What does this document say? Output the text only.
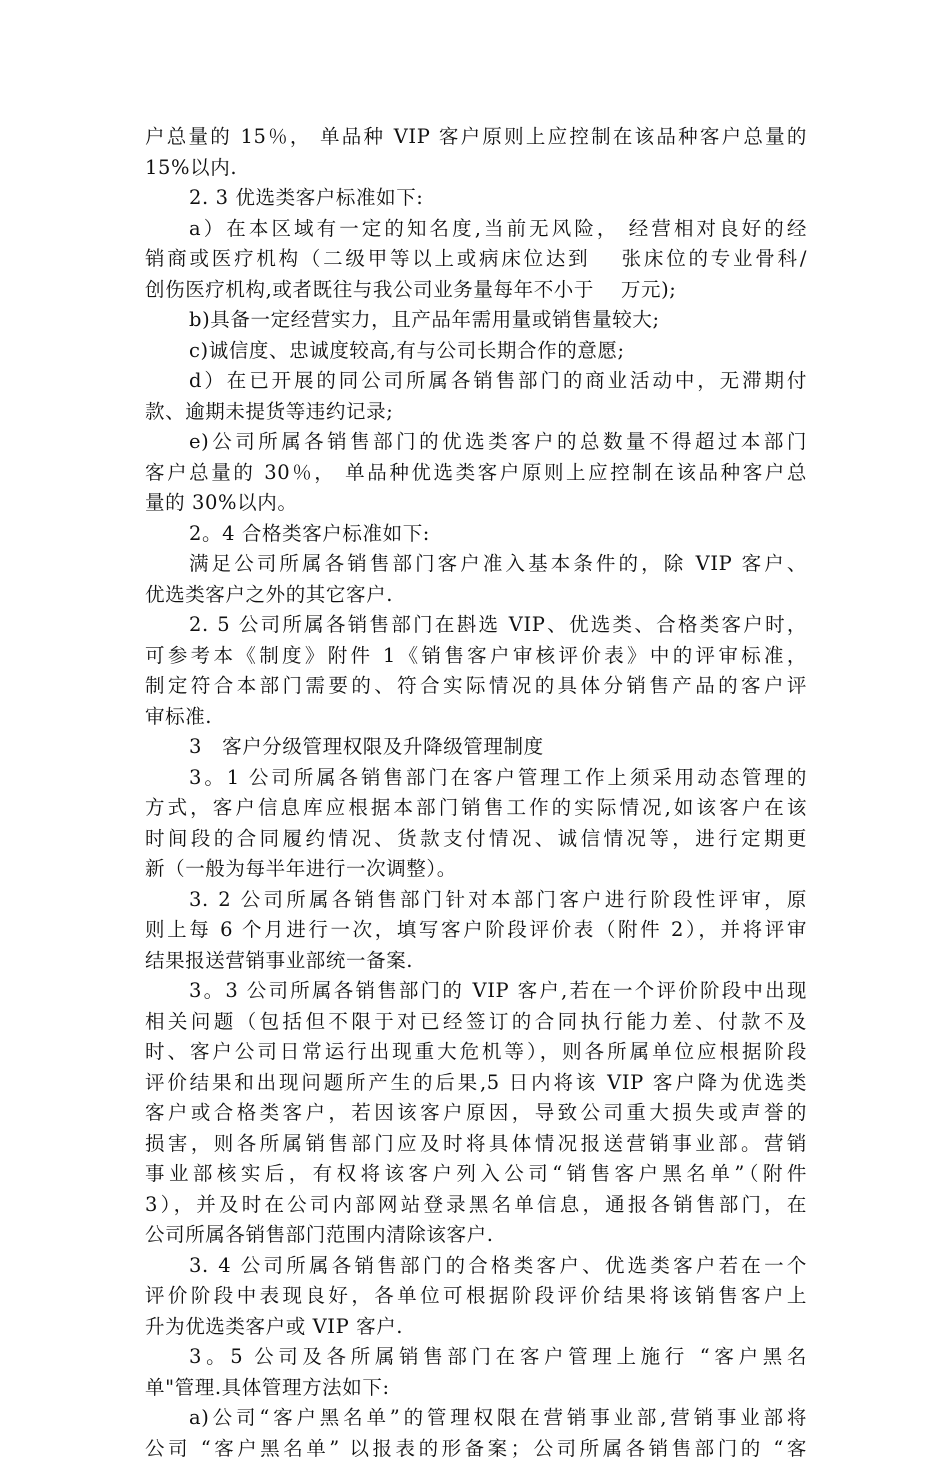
户总量的 15％， 单品种 VIP 客户原则上应控制在该品种客户总量的
15%以内.
2. 3 优选类客户标准如下:
a）在本区域有一定的知名度,当前无风险， 经营相对良好的经
销商或医疗机构（二级甲等以上或病床位达到　 张床位的专业骨科/
创伤医疗机构,或者既往与我公司业务量每年不小于　 万元);
b)具备一定经营实力，且产品年需用量或销售量较大;
c)诚信度、忠诚度较高,有与公司长期合作的意愿;
d）在已开展的同公司所属各销售部门的商业活动中，无滞期付
款、逾期未提货等违约记录;
e)公司所属各销售部门的优选类客户的总数量不得超过本部门
客户总量的 30％， 单品种优选类客户原则上应控制在该品种客户总
量的 30%以内。
2。4 合格类客户标准如下:
满足公司所属各销售部门客户准入基本条件的，除 VIP 客户、
优选类客户之外的其它客户.
2. 5 公司所属各销售部门在斟选 VIP、优选类、合格类客户时，
可参考本《制度》附件 1《销售客户审核评价表》中的评审标准，
制定符合本部门需要的、符合实际情况的具体分销售产品的客户评
审标准.
3　客户分级管理权限及升降级管理制度
3。1 公司所属各销售部门在客户管理工作上须采用动态管理的
方式，客户信息库应根据本部门销售工作的实际情况,如该客户在该
时间段的合同履约情况、货款支付情况、诚信情况等，进行定期更
新（一般为每半年进行一次调整）。
3. 2 公司所属各销售部门针对本部门客户进行阶段性评审，原
则上每 6 个月进行一次，填写客户阶段评价表（附件 2），并将评审
结果报送营销事业部统一备案.
3。3 公司所属各销售部门的 VIP 客户,若在一个评价阶段中出现
相关问题（包括但不限于对已经签订的合同执行能力差、付款不及
时、客户公司日常运行出现重大危机等），则各所属单位应根据阶段
评价结果和出现问题所产生的后果,5 日内将该 VIP 客户降为优选类
客户或合格类客户，若因该客户原因，导致公司重大损失或声誉的
损害，则各所属销售部门应及时将具体情况报送营销事业部。营销
事业部核实后，有权将该客户列入公司“销售客户黑名单”（附件
3），并及时在公司内部网站登录黑名单信息，通报各销售部门，在
公司所属各销售部门范围内清除该客户.
3. 4 公司所属各销售部门的合格类客户、优选类客户若在一个
评价阶段中表现良好，各单位可根据阶段评价结果将该销售客户上
升为优选类客户或 VIP 客户.
3。5 公司及各所属销售部门在客户管理上施行 “客户黑名
单"管理.具体管理方法如下:
a)公司“客户黑名单”的管理权限在营销事业部,营销事业部将
公司 “客户黑名单” 以报表的形备案；公司所属各销售部门的 “客
